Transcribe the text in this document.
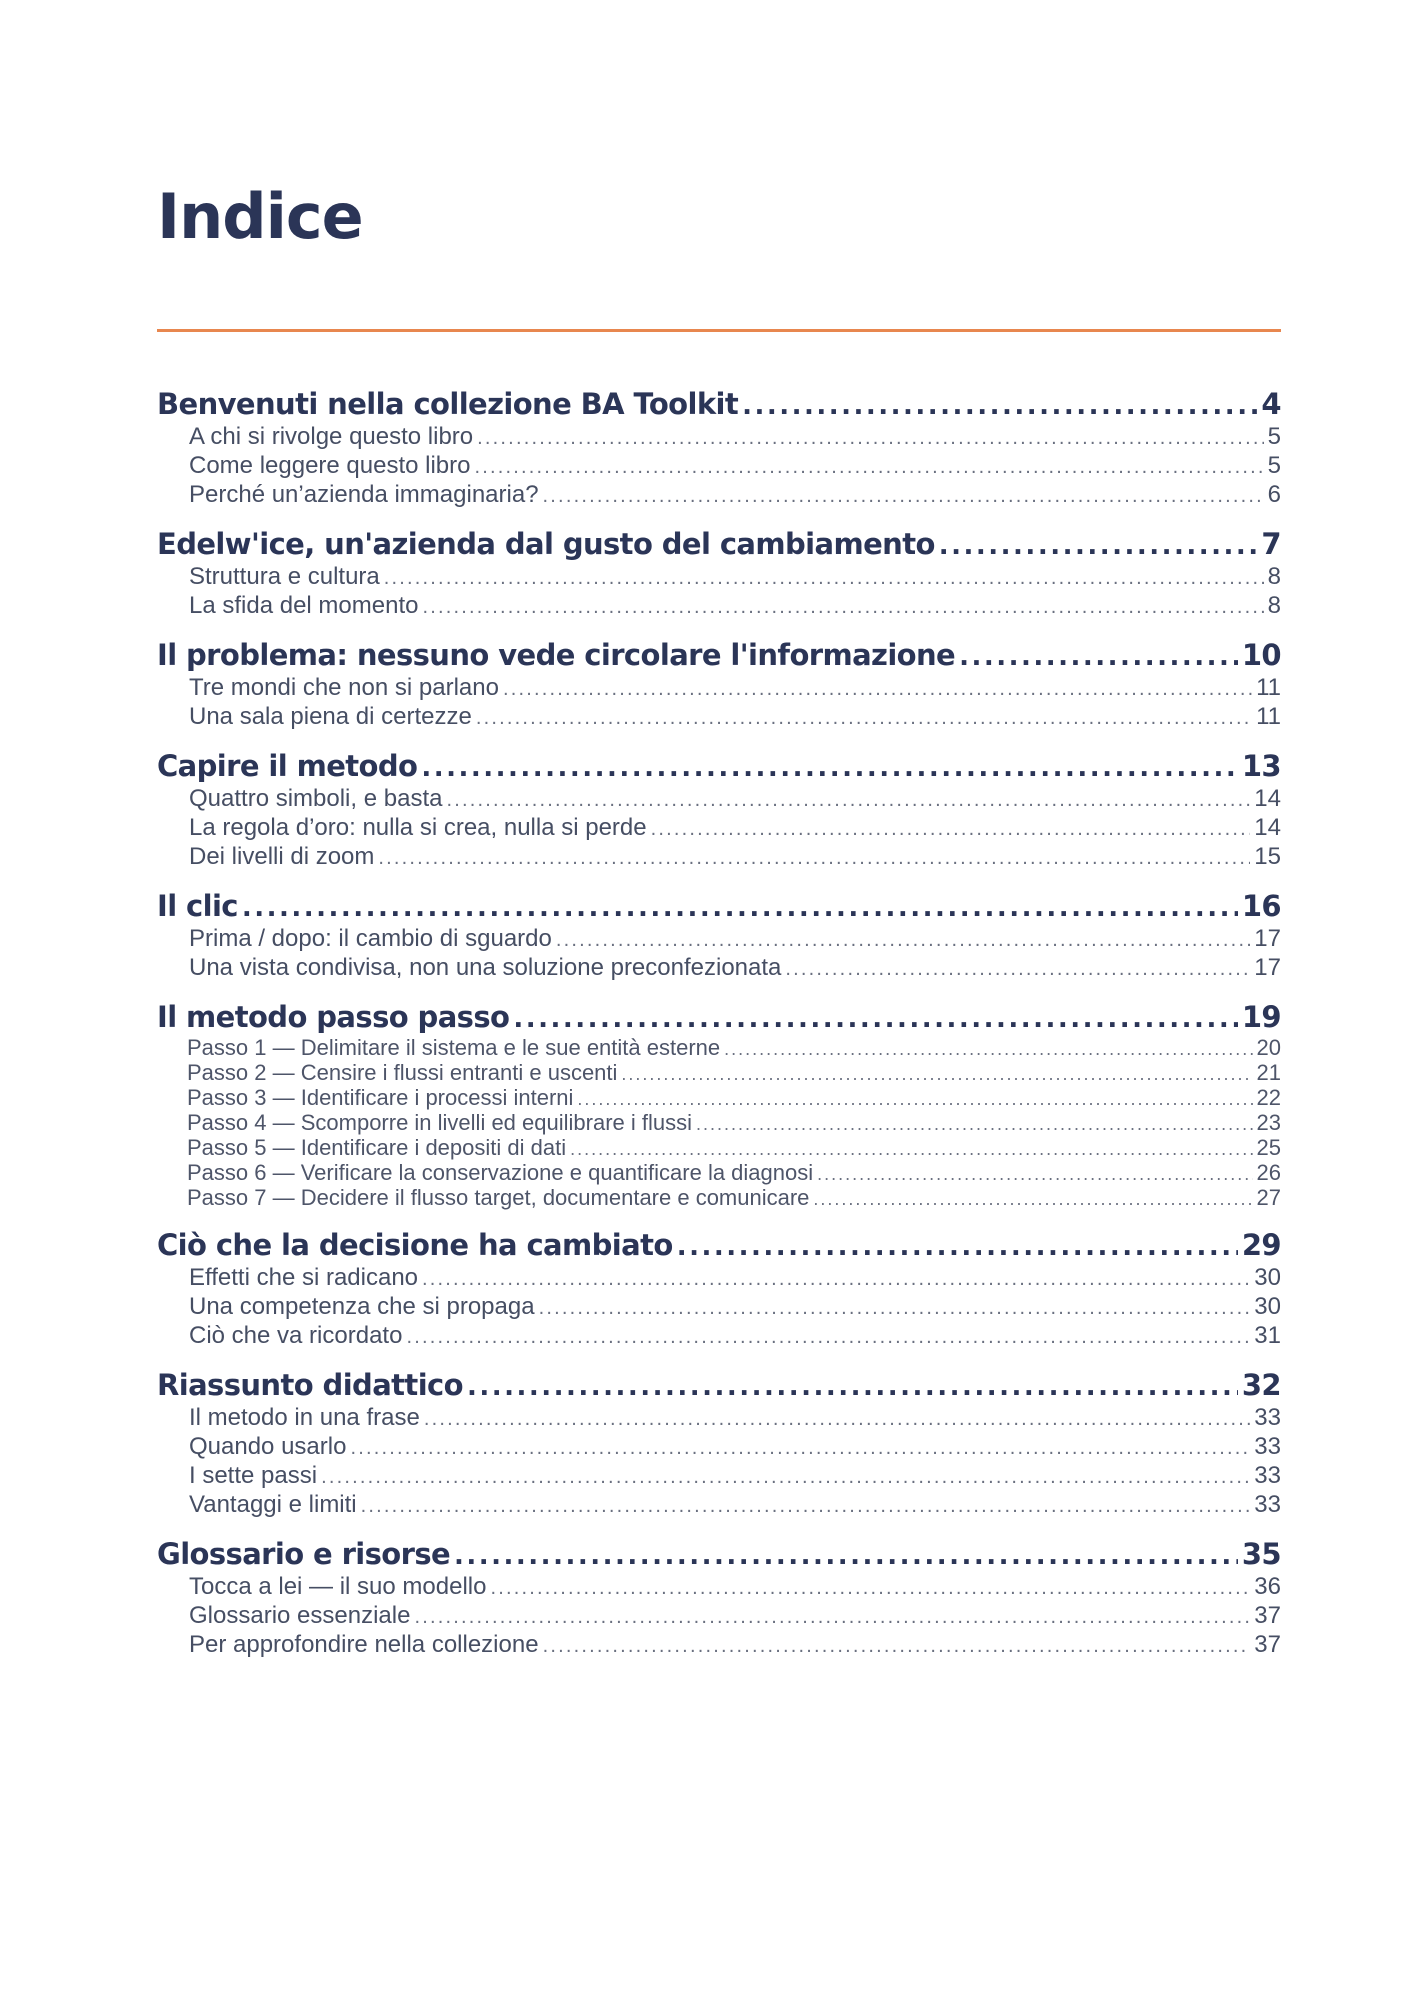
Indice
Benvenuti nella collezione BA Toolkit .....	4
A chi si rivolge questo libro .....	5
Come leggere questo libro .....	5
Perché un’azienda immaginaria? .....	6
Edelw'ice, un'azienda dal gusto del cambiamento .....	7
Struttura e cultura .....	8
La sfida del momento .....	8
Il problema: nessuno vede circolare l'informazione .....	10
Tre mondi che non si parlano .....	11
Una sala piena di certezze .....	11
Capire il metodo .....	13
Quattro simboli, e basta .....	14
La regola d’oro: nulla si crea, nulla si perde .....	14
Dei livelli di zoom .....	15
Il clic .....	16
Prima / dopo: il cambio di sguardo .....	17
Una vista condivisa, non una soluzione preconfezionata .....	17
Il metodo passo passo .....	19
Passo 1 — Delimitare il sistema e le sue entità esterne .....	20
Passo 2 — Censire i flussi entranti e uscenti .....	21
Passo 3 — Identificare i processi interni .....	22
Passo 4 — Scomporre in livelli ed equilibrare i flussi .....	23
Passo 5 — Identificare i depositi di dati .....	25
Passo 6 — Verificare la conservazione e quantificare la diagnosi .....	26
Passo 7 — Decidere il flusso target, documentare e comunicare .....	27
Ciò che la decisione ha cambiato .....	29
Effetti che si radicano .....	30
Una competenza che si propaga .....	30
Ciò che va ricordato .....	31
Riassunto didattico .....	32
Il metodo in una frase .....	33
Quando usarlo .....	33
I sette passi .....	33
Vantaggi e limiti .....	33
Glossario e risorse .....	35
Tocca a lei — il suo modello .....	36
Glossario essenziale .....	37
Per approfondire nella collezione .....	37
